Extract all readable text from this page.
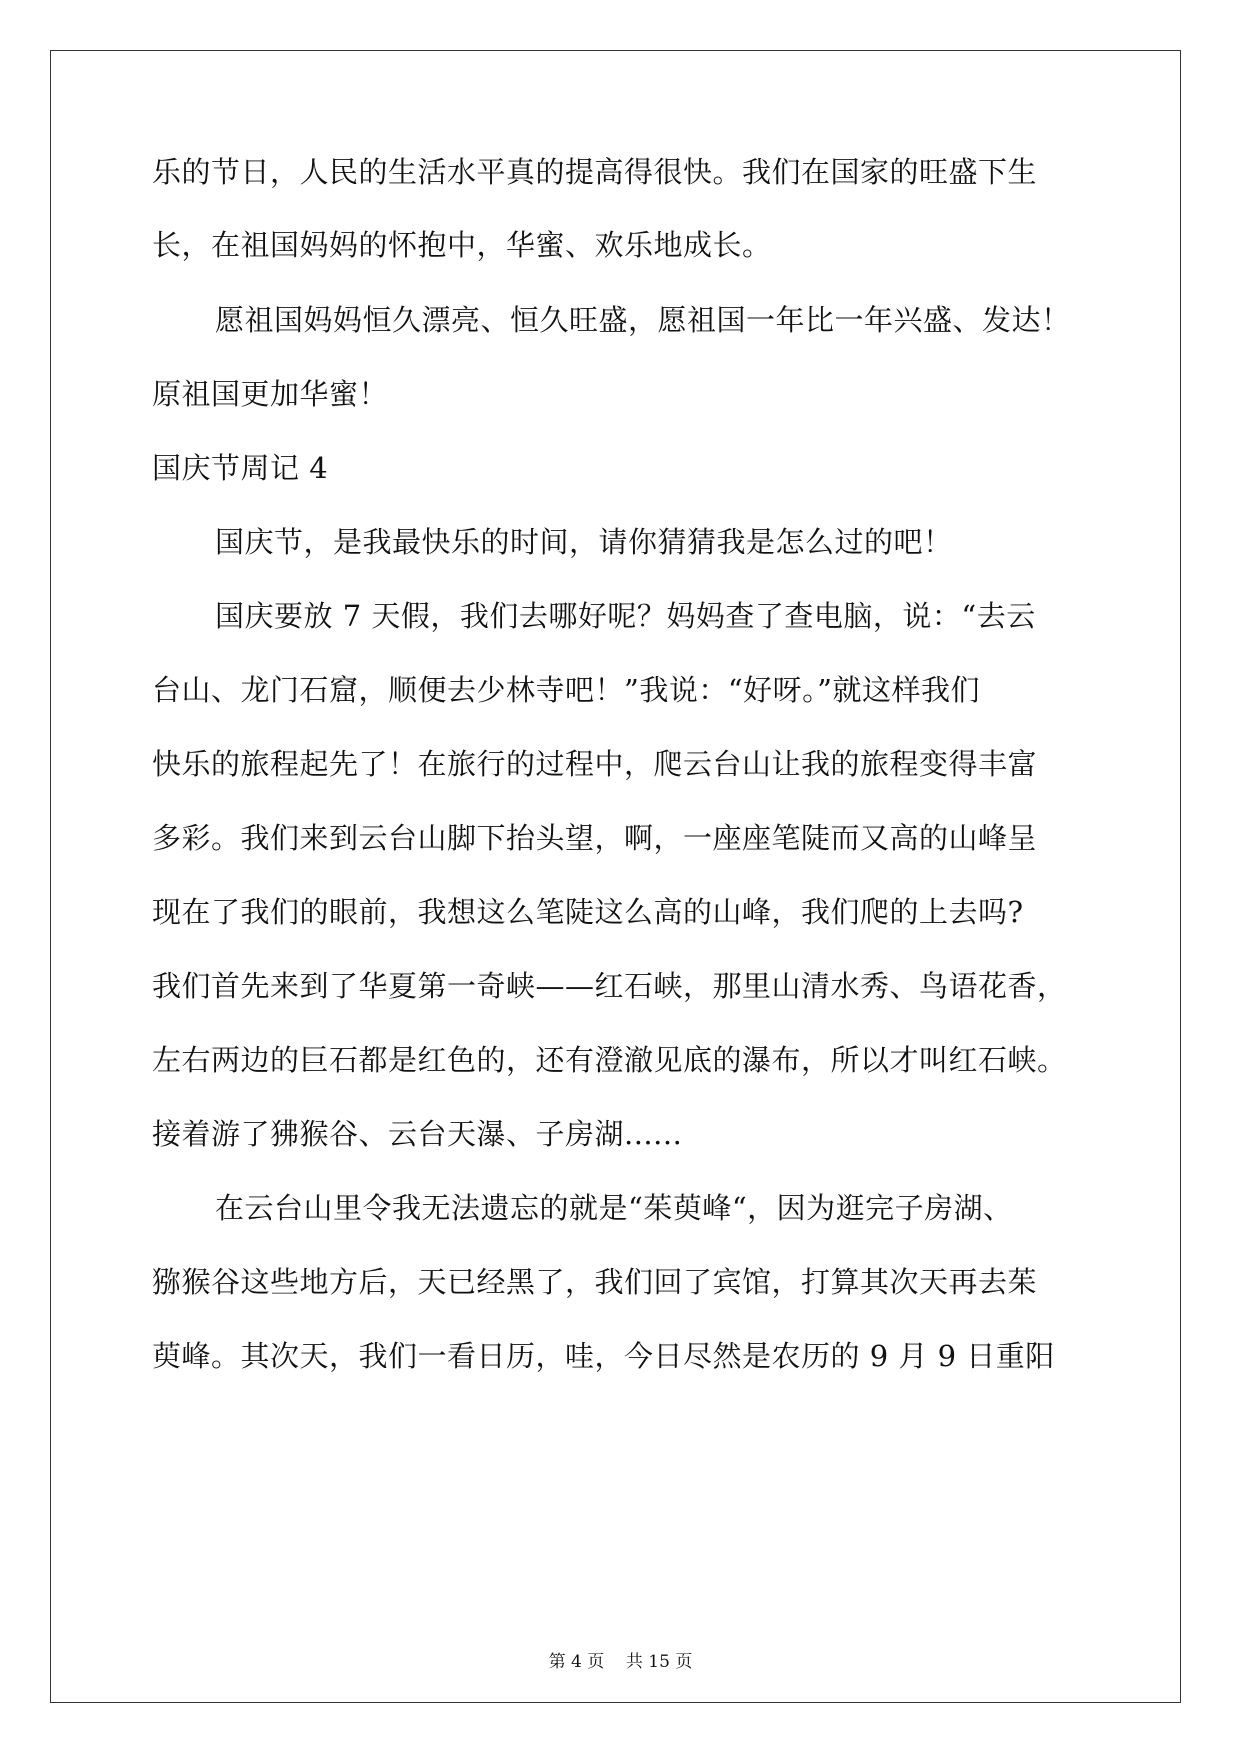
乐的节日，人民的生活水平真的提高得很快。我们在国家的旺盛下生
长，在祖国妈妈的怀抱中，华蜜、欢乐地成长。
愿祖国妈妈恒久漂亮、恒久旺盛，愿祖国一年比一年兴盛、发达！
原祖国更加华蜜！
国庆节周记 4
国庆节，是我最快乐的时间，请你猜猜我是怎么过的吧！
国庆要放 7 天假，我们去哪好呢？妈妈查了查电脑，说：“去云
台山、龙门石窟，顺便去少林寺吧！”我说：“好呀。”就这样我们
快乐的旅程起先了！在旅行的过程中，爬云台山让我的旅程变得丰富
多彩。我们来到云台山脚下抬头望，啊，一座座笔陡而又高的山峰呈
现在了我们的眼前，我想这么笔陡这么高的山峰，我们爬的上去吗?
我们首先来到了华夏第一奇峡——红石峡，那里山清水秀、鸟语花香，
左右两边的巨石都是红色的，还有澄澈见底的瀑布，所以才叫红石峡。
接着游了狒猴谷、云台天瀑、子房湖......
在云台山里令我无法遗忘的就是“茱萸峰“，因为逛完子房湖、
猕猴谷这些地方后，天已经黑了，我们回了宾馆，打算其次天再去茱
萸峰。其次天，我们一看日历，哇，今日尽然是农历的 9 月 9 日重阳
第 4 页    共 15 页
